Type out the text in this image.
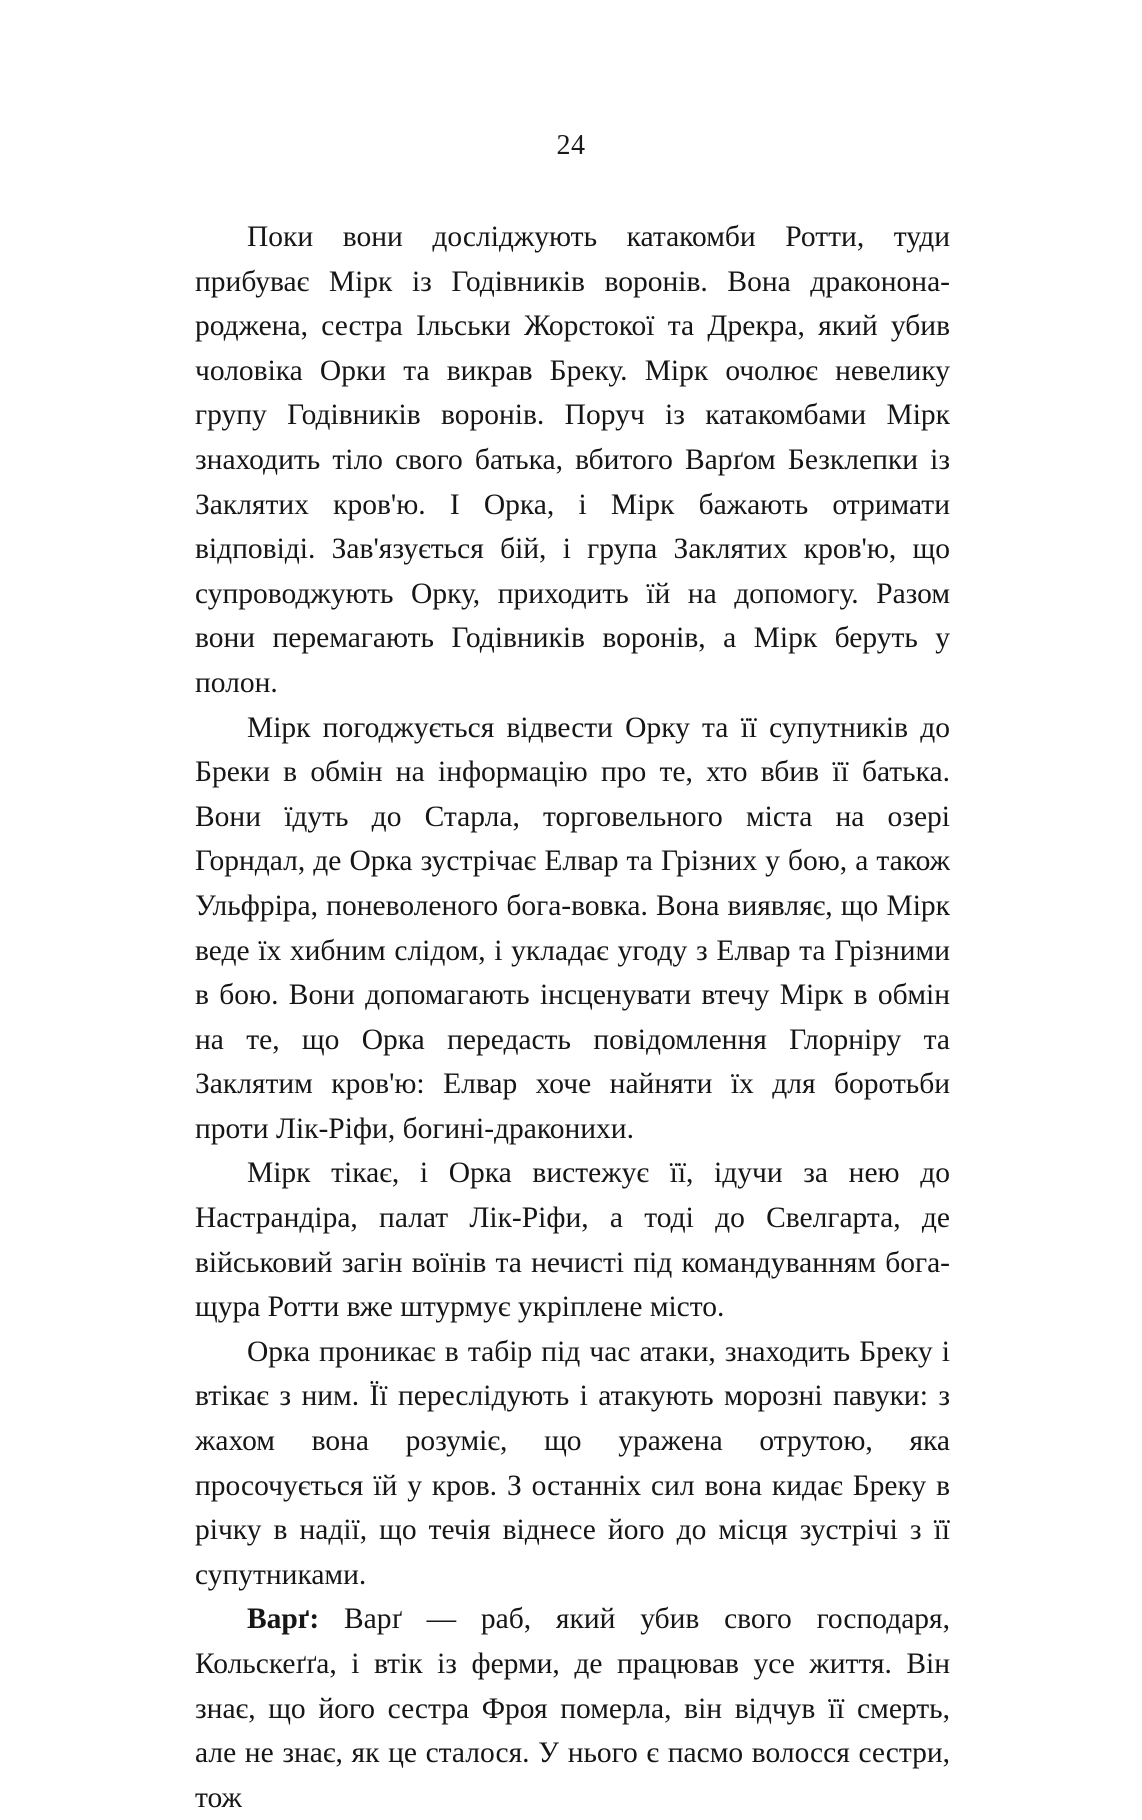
24

Поки вони досліджують катакомби Ротти, туди прибуває Мірк із Годівників воронів. Вона дракононароджена, сестра Ільськи Жорстокої та Дрекра, який убив чоловіка Орки та викрав Бреку. Мірк очолює невелику групу Годівників воронів. Поруч із катакомбами Мірк знаходить тіло свого батька, вбитого Варґом Безклепки із Заклятих кров'ю. І Орка, і Мірк бажають отримати відповіді. Зав'язується бій, і група Заклятих кров'ю, що супроводжують Орку, приходить їй на допомогу. Разом вони перемагають Годівників воронів, а Мірк беруть у полон.

Мірк погоджується відвести Орку та її супутників до Бреки в обмін на інформацію про те, хто вбив її батька. Вони їдуть до Старла, торговельного міста на озері Горндал, де Орка зустрічає Елвар та Грізних у бою, а також Ульфріра, поневоленого бога-вовка. Вона виявляє, що Мірк веде їх хибним слідом, і укладає угоду з Елвар та Грізними в бою. Вони допомагають інсценувати втечу Мірк в обмін на те, що Орка передасть повідомлення Глорніру та Заклятим кров'ю: Елвар хоче найняти їх для боротьби проти Лік-Ріфи, богині-драконихи.

Мірк тікає, і Орка вистежує її, ідучи за нею до Настрандіра, палат Лік-Ріфи, а тоді до Свелгарта, де військовий загін воїнів та нечисті під командуванням бога-щура Ротти вже штурмує укріплене місто.

Орка проникає в табір під час атаки, знаходить Бреку і втікає з ним. Її переслідують і атакують морозні павуки: з жахом вона розуміє, що уражена отрутою, яка просочується їй у кров. З останніх сил вона кидає Бреку в річку в надії, що течія віднесе його до місця зустрічі з її супутниками.

Варґ: Варґ — раб, який убив свого господаря, Кольскеґґа, і втік із ферми, де працював усе життя. Він знає, що його сестра Фроя померла, він відчув її смерть, але не знає, як це сталося. У нього є пасмо волосся сестри, тож
